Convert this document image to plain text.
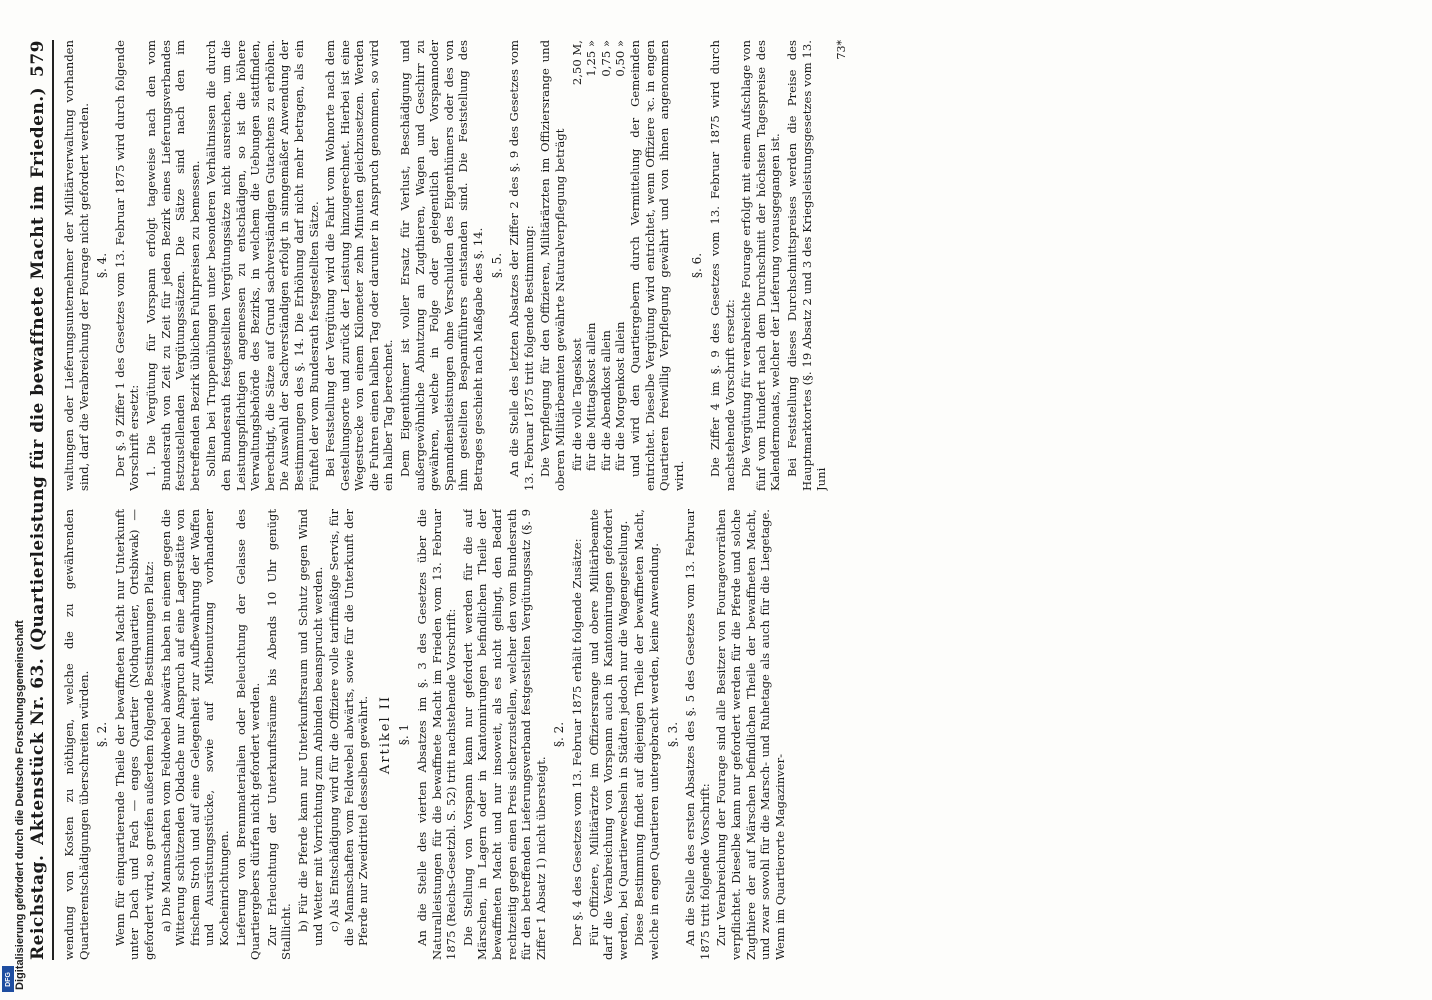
Reichstag.
Aktenstück Nr. 63. (Quartierleistung für die bewaffnete Macht im Frieden.)
579

wendung von Kosten zu nöthigen, welche die zu gewährenden Quartierentschädigungen überschreiten würden. §. 2. Wenn für einquartierende Theile der bewaffneten Macht nur Unterkunft unter Dach und Fach — enges Quartier (Nothquartier, Ortsbiwak) — gefordert wird, so greifen außerdem folgende Bestimmungen Platz: a) Die Mannschaften vom Feldwebel abwärts haben in einem gegen die Witterung schützenden Obdache nur Anspruch auf eine Lagerstätte von frischem Stroh und auf eine Gelegenheit zur Aufbewahrung der Waffen und Ausrüstungsstücke, sowie auf Mitbenutzung vorhandener Kocheinrichtungen. Lieferung von Brennmaterialien oder Beleuchtung der Gelasse des Quartiergebers dürfen nicht gefordert werden. Zur Erleuchtung der Unterkunftsräume bis Abends 10 Uhr genügt Stalllicht. b) Für die Pferde kann nur Unterkunftsraum und Schutz gegen Wind und Wetter mit Vorrichtung zum Anbinden beansprucht werden. c) Als Entschädigung wird für die Offiziere volle tarifmäßige Servis, für die Mannschaften vom Feldwebel abwärts, sowie für die Unterkunft der Pferde nur Zweidrittel desselben gewährt. Artikel II §. 1 An die Stelle des vierten Absatzes im §. 3 des Gesetzes über die Naturalleistungen für die bewaffnete Macht im Frieden vom 13. Februar 1875 (Reichs-Gesetzbl. S. 52) tritt nachstehende Vorschrift: Die Stellung von Vorspann kann nur gefordert werden für die auf Märschen, in Lagern oder in Kantonnirungen befindlichen Theile der bewaffneten Macht und nur insoweit, als es nicht gelingt, den Bedarf rechtzeitig gegen einen Preis sicherzustellen, welcher den vom Bundesrath für den betreffenden Lieferungsverband festgestellten Vergütungssatz (§. 9 Ziffer 1 Absatz 1) nicht übersteigt.

§. 2. Der §. 4 des Gesetzes vom 13. Februar 1875 erhält folgende Zusätze: Für Offiziere, Militärärzte im Offiziersrange und obere Militärbeamte darf die Verabreichung von Vorspann auch in Kantonnirungen gefordert werden, bei Quartierwechseln in Städten jedoch nur die Wagengestellung. Diese Bestimmung findet auf diejenigen Theile der bewaffneten Macht, welche in engen Quartieren untergebracht werden, keine Anwendung. §. 3. An die Stelle des ersten Absatzes des §. 5 des Gesetzes vom 13. Februar 1875 tritt folgende Vorschrift: Zur Verabreichung der Fourage sind alle Besitzer von Fouragevorräthen verpflichtet. Dieselbe kann nur gefordert werden für die Pferde und solche Zugthiere der auf Märschen befindlichen Theile der bewaffneten Macht, und zwar sowohl für die Marsch- und Ruhetage als auch für die Liegetage. Wenn im Quartierorte Magazinver-

waltungen oder Lieferungsunternehmer der Militärverwaltung vorhanden sind, darf die Verabreichung der Fourage nicht gefordert werden. §. 4. Der §. 9 Ziffer 1 des Gesetzes vom 13. Februar 1875 wird durch folgende Vorschrift ersetzt: 1. Die Vergütung für Vorspann erfolgt tageweise nach den vom Bundesrath von Zeit zu Zeit für jeden Bezirk eines Lieferungsverbandes festzustellenden Vergütungssätzen. Die Sätze sind nach den im betreffenden Bezirk üblichen Fuhrpreisen zu bemessen. Sollten bei Truppenübungen unter besonderen Verhältnissen die durch den Bundesrath festgestellten Vergütungssätze nicht ausreichen, um die Leistungspflichtigen angemessen zu entschädigen, so ist die höhere Verwaltungsbehörde des Bezirks, in welchem die Uebungen stattfinden, berechtigt, die Sätze auf Grund sachverständigen Gutachtens zu erhöhen. Die Auswahl der Sachverständigen erfolgt in sinngemäßer Anwendung der Bestimmungen des §. 14. Die Erhöhung darf nicht mehr betragen, als ein Fünftel der vom Bundesrath festgestellten Sätze. Bei Feststellung der Vergütung wird die Fahrt vom Wohnorte nach dem Gestellungsorte und zurück der Leistung hinzugerechnet. Hierbei ist eine Wegestrecke von einem Kilometer zehn Minuten gleichzusetzen. Werden die Fuhren einen halben Tag oder darunter in Anspruch genommen, so wird ein halber Tag berechnet. Dem Eigenthümer ist voller Ersatz für Verlust, Beschädigung und außergewöhnliche Abnutzung an Zugthieren, Wagen und Geschirr zu gewähren, welche in Folge oder gelegentlich der Vorspannoder Spanndienstleistungen ohne Verschulden des Eigenthümers oder des von ihm gestellten Bespannführers entstanden sind. Die Feststellung des Betrages geschieht nach Maßgabe des §. 14. §. 5. An die Stelle des letzten Absatzes der Ziffer 2 des §. 9 des Gesetzes vom 13. Februar 1875 tritt folgende Bestimmung: Die Verpflegung für den Offizieren, Militärärzten im Offiziersrange und oberen Militärbeamten gewährte Naturalverpflegung beträgt für die volle Tageskost
2,50 M,
für die Mittagskost allein
1,25 »
für die Abendkost allein
0,75 »
für die Morgenkost allein
0,50 » und wird den Quartiergebern durch Vermittelung der Gemeinden entrichtet. Dieselbe Vergütung wird entrichtet, wenn Offiziere ꝛc. in engen Quartieren freiwillig Verpflegung gewährt und von ihnen angenommen wird.

§. 6. Die Ziffer 4 im §. 9 des Gesetzes vom 13. Februar 1875 wird durch nachstehende Vorschrift ersetzt: Die Vergütung für verabreichte Fourage erfolgt mit einem Aufschlage von fünf vom Hundert nach dem Durchschnitt der höchsten Tagespreise des Kalendermonats, welcher der Lieferung vorausgegangen ist. Bei Feststellung dieses Durchschnittspreises werden die Preise des Hauptmarktortes (§. 19 Absatz 2 und 3 des Kriegsleistungsgesetzes vom 13. Juni

73*
Digitalisierung gefördert durch die Deutsche Forschungsgemeinschaft
DFG
